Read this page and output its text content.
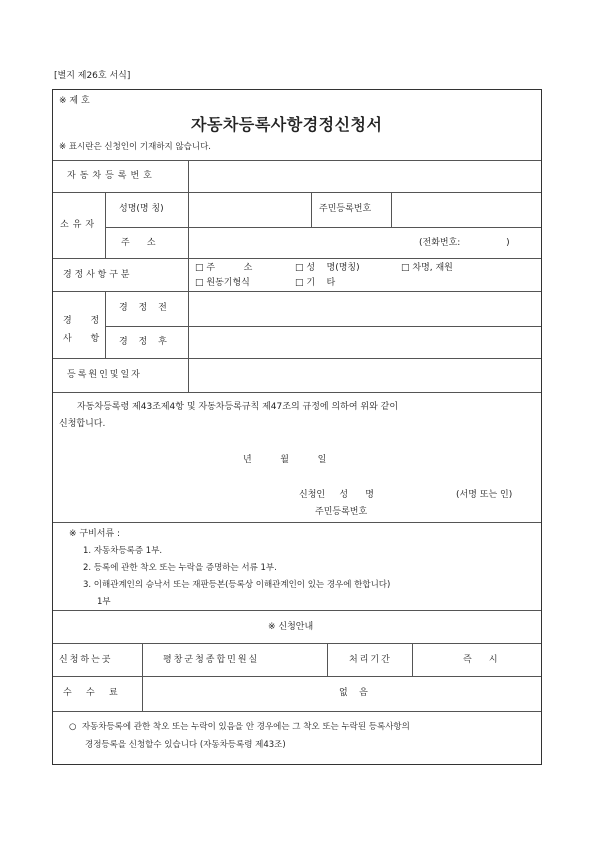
[별지 제26호 서식]
※ 제 호
자동차등록사항경정신청서
※ 표시란은 신청인이 기재하지 않습니다.
자동차등록번호
소유자
성명(명 칭)	주민등록번호
주      소	(전화번호:                )
경 정 사 항 구 분
□ 주          소	□ 성    명(명칭)	□ 차명, 재원
□ 원동기형식	□ 기    타
경 정
사 항
경 정 전
경 정 후
등록원인및일자
자동차등록령 제43조제4항 및 자동차등록규칙 제47조의 규정에 의하여 위와 같이
신청합니다.
년          월          일
신청인     성      명	(서명 또는 인)
주민등록번호
※ 구비서류 :
1. 자동차등록증 1부.
2. 등록에 관한 착오 또는 누락을 증명하는 서류 1부.
3. 이해관계인의 승낙서 또는 재판등본(등록상 이해관계인이 있는 경우에 한합니다)
1부
※ 신청안내
신청하는곳	평창군청종합민원실	처리기간	즉      시
수     수     료	없    음
○  자동차등록에 관한 착오 또는 누락이 있음을 안 경우에는 그 착오 또는 누락된 등록사항의
경정등록을 신청할수 있습니다 (자동차등록령 제43조)
